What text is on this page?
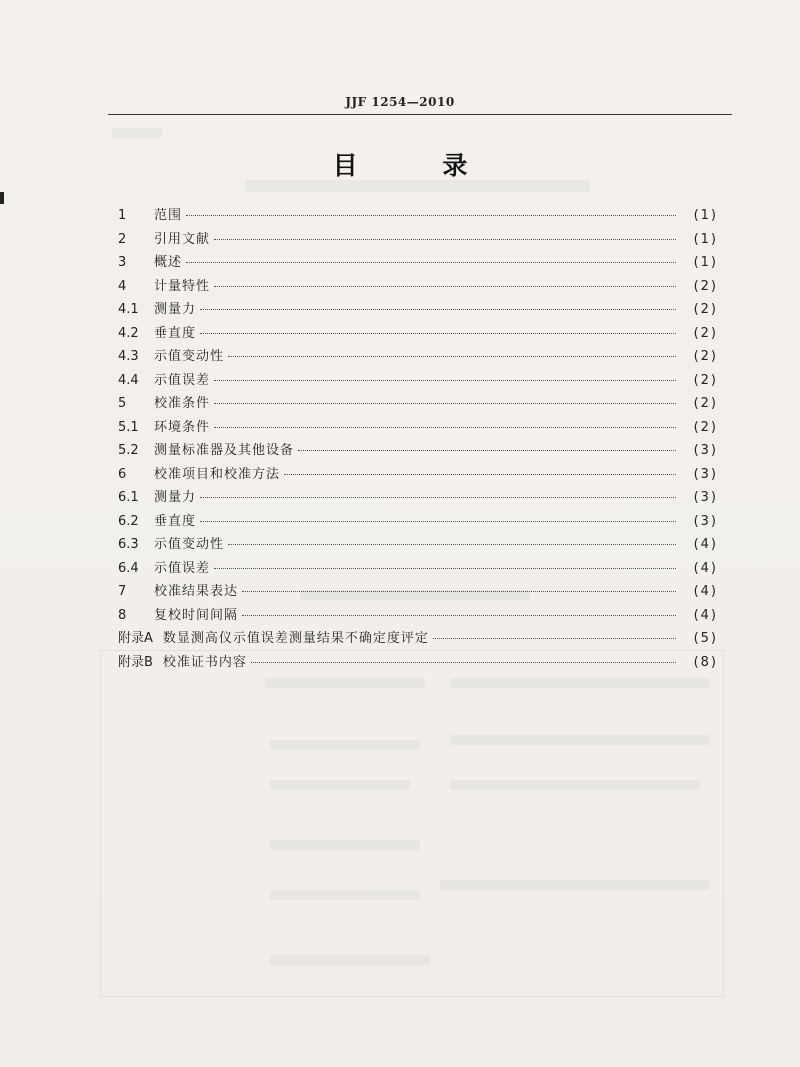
JJF 1254—2010
目 录
1	范围	(1)
2	引用文献	(1)
3	概述	(1)
4	计量特性	(2)
4.1	测量力	(2)
4.2	垂直度	(2)
4.3	示值变动性	(2)
4.4	示值误差	(2)
5	校准条件	(2)
5.1	环境条件	(2)
5.2	测量标准器及其他设备	(3)
6	校准项目和校准方法	(3)
6.1	测量力	(3)
6.2	垂直度	(3)
6.3	示值变动性	(4)
6.4	示值误差	(4)
7	校准结果表达	(4)
8	复校时间间隔	(4)
附录A 数显测高仪示值误差测量结果不确定度评定	(5)
附录B 校准证书内容	(8)
